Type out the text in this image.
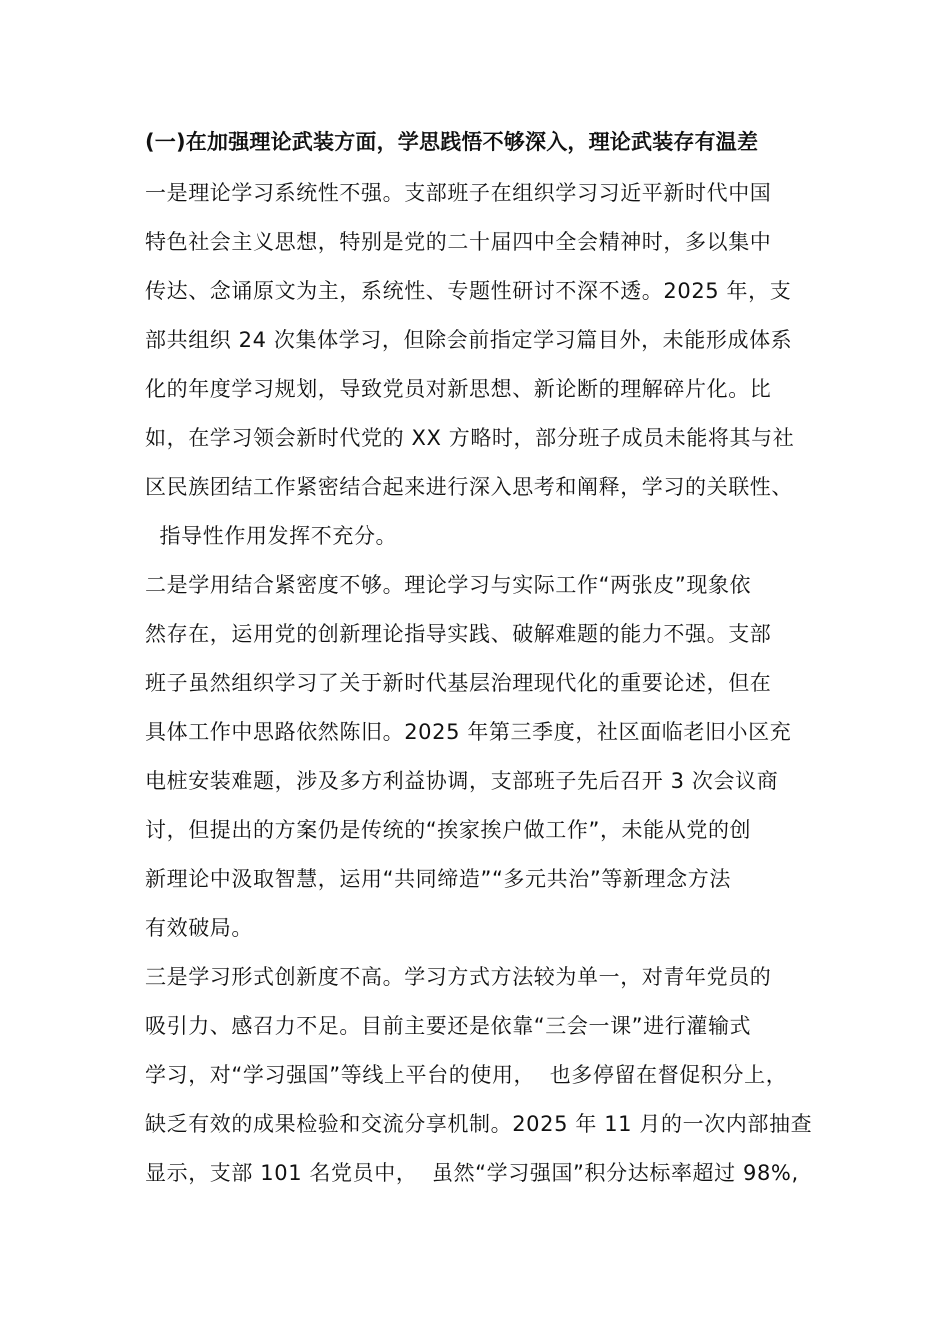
(一)在加强理论武装方面，学思践悟不够深入，理论武装存有温差
一是理论学习系统性不强。支部班子在组织学习习近平新时代中国
特色社会主义思想，特别是党的二十届四中全会精神时，多以集中
传达、念诵原文为主，系统性、专题性研讨不深不透。2025 年，支
部共组织 24 次集体学习，但除会前指定学习篇目外，未能形成体系
化的年度学习规划，导致党员对新思想、新论断的理解碎片化。比
如，在学习领会新时代党的 XX 方略时，部分班子成员未能将其与社
区民族团结工作紧密结合起来进行深入思考和阐释，学习的关联性、
指导性作用发挥不充分。
二是学用结合紧密度不够。理论学习与实际工作“两张皮”现象依
然存在，运用党的创新理论指导实践、破解难题的能力不强。支部
班子虽然组织学习了关于新时代基层治理现代化的重要论述，但在
具体工作中思路依然陈旧。2025 年第三季度，社区面临老旧小区充
电桩安装难题，涉及多方利益协调，支部班子先后召开 3 次会议商
讨，但提出的方案仍是传统的“挨家挨户做工作”，未能从党的创
新理论中汲取智慧，运用“共同缔造”“多元共治”等新理念方法
有效破局。
三是学习形式创新度不高。学习方式方法较为单一，对青年党员的
吸引力、感召力不足。目前主要还是依靠“三会一课”进行灌输式
学习，对“学习强国”等线上平台的使用，  也多停留在督促积分上，
缺乏有效的成果检验和交流分享机制。2025 年 11 月的一次内部抽查
显示，支部 101 名党员中，  虽然“学习强国”积分达标率超过 98%,
